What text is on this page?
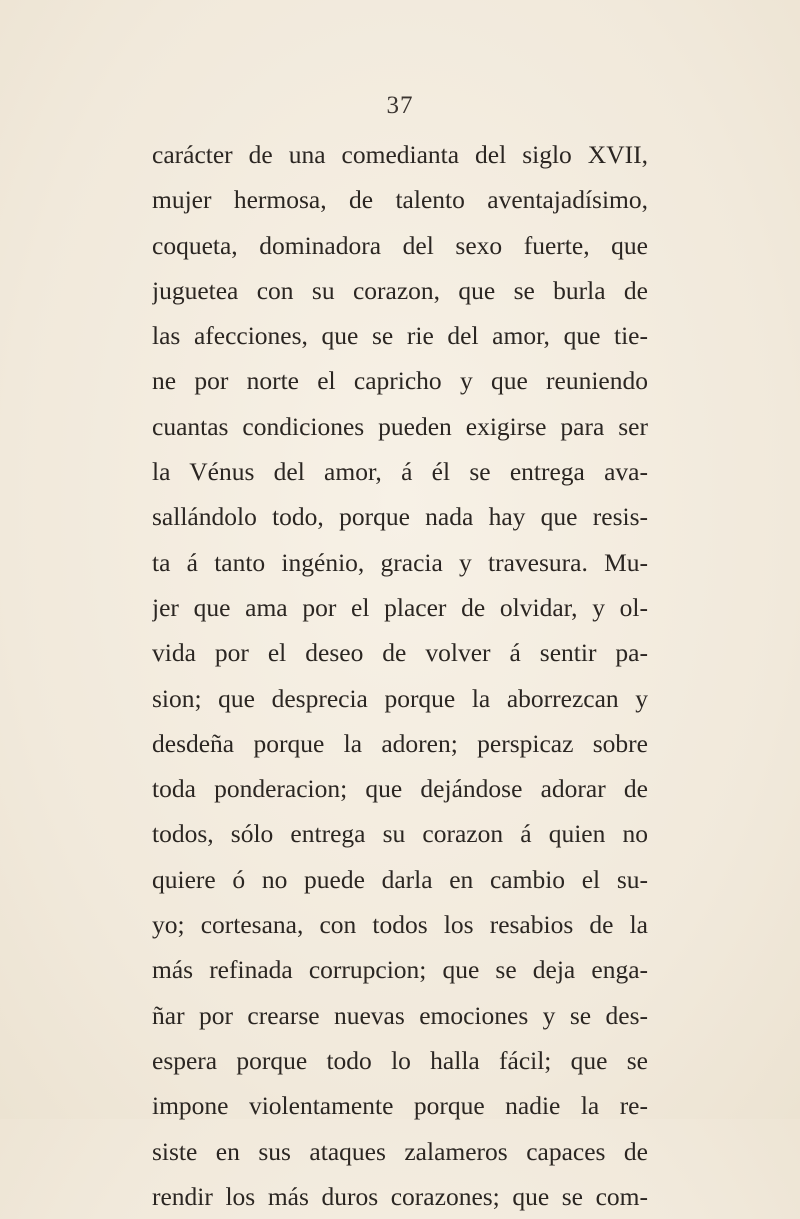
37
carácter de una comedianta del siglo XVII,
mujer hermosa, de talento aventajadísimo,
coqueta, dominadora del sexo fuerte, que
juguetea con su corazon, que se burla de
las afecciones, que se rie del amor, que tie-
ne por norte el capricho y que reuniendo
cuantas condiciones pueden exigirse para ser
la Vénus del amor, á él se entrega ava-
sallándolo todo, porque nada hay que resis-
ta á tanto ingénio, gracia y travesura. Mu-
jer que ama por el placer de olvidar, y ol-
vida por el deseo de volver á sentir pa-
sion; que desprecia porque la aborrezcan y
desdeña porque la adoren; perspicaz sobre
toda ponderacion; que dejándose adorar de
todos, sólo entrega su corazon á quien no
quiere ó no puede darla en cambio el su-
yo; cortesana, con todos los resabios de la
más refinada corrupcion; que se deja enga-
ñar por crearse nuevas emociones y se des-
espera porque todo lo halla fácil; que se
impone violentamente porque nadie la re-
siste en sus ataques zalameros capaces de
rendir los más duros corazones; que se com-
